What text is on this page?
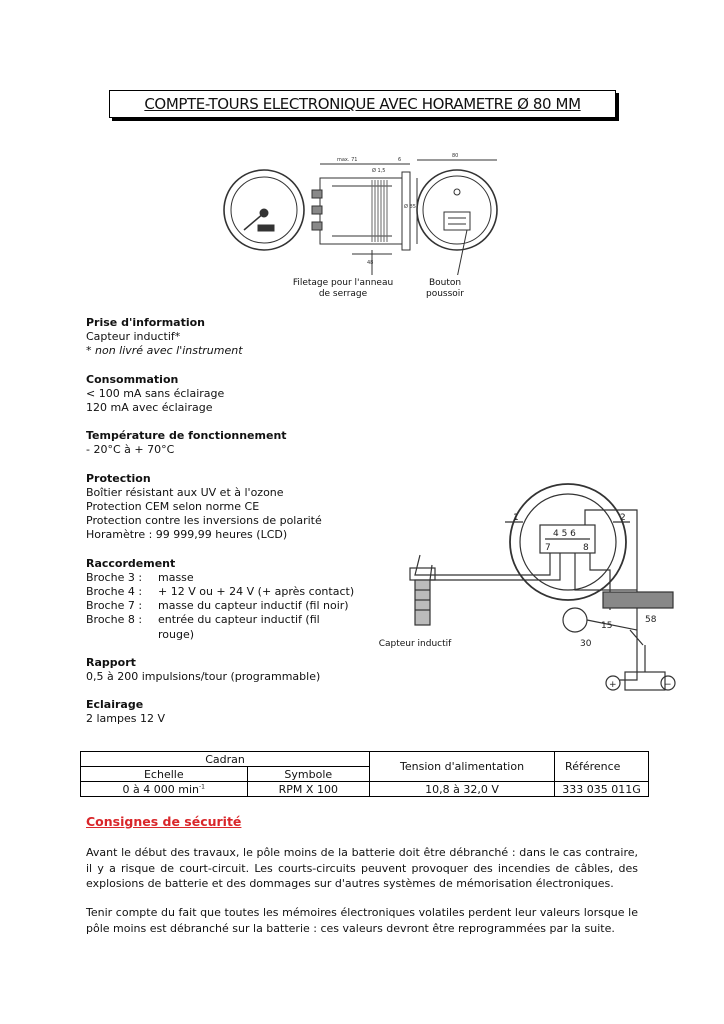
COMPTE-TOURS ELECTRONIQUE AVEC HORAMETRE Ø 80 MM
max. 71	6
Ø 1,5
Ø 85
48
80
Filetage pour l'anneau
de serrage
Bouton
poussoir
Prise d'information
Capteur inductif*
* non livré avec l'instrument
Consommation
< 100 mA sans éclairage
120 mA avec éclairage
Température de fonctionnement
- 20°C à + 70°C
Protection
Boîtier résistant aux UV et à l'ozone
Protection CEM selon norme CE
Protection contre les inversions de polarité
Horamètre : 99 999,99 heures (LCD)
Raccordement
Broche 3 :	masse
Broche 4 :	+ 12 V ou + 24 V (+ après contact)
Broche 7 :	masse du capteur inductif (fil noir)
Broche 8 :	entrée du capteur inductif (fil rouge)
Rapport
0,5 à 200 impulsions/tour (programmable)
Eclairage
2 lampes 12 V
1	2
4 5 6
7	8
15
30
58
+	−
Capteur inductif
Cadran		Tension d'alimentation	Référence
Echelle	Symbole		
0 à 4 000 $\min^{-1}$	RPM X 100	10,8 à 32,0 V	333 035 011G
Consignes de sécurité
Avant le début des travaux, le pôle moins de la batterie doit être débranché : dans le cas contraire, il y a risque de court-circuit. Les courts-circuits peuvent provoquer des incendies de câbles, des explosions de batterie et des dommages sur d'autres systèmes de mémorisation électroniques.
Tenir compte du fait que toutes les mémoires électroniques volatiles perdent leur valeurs lorsque le pôle moins est débranché sur la batterie : ces valeurs devront être reprogrammées par la suite.
